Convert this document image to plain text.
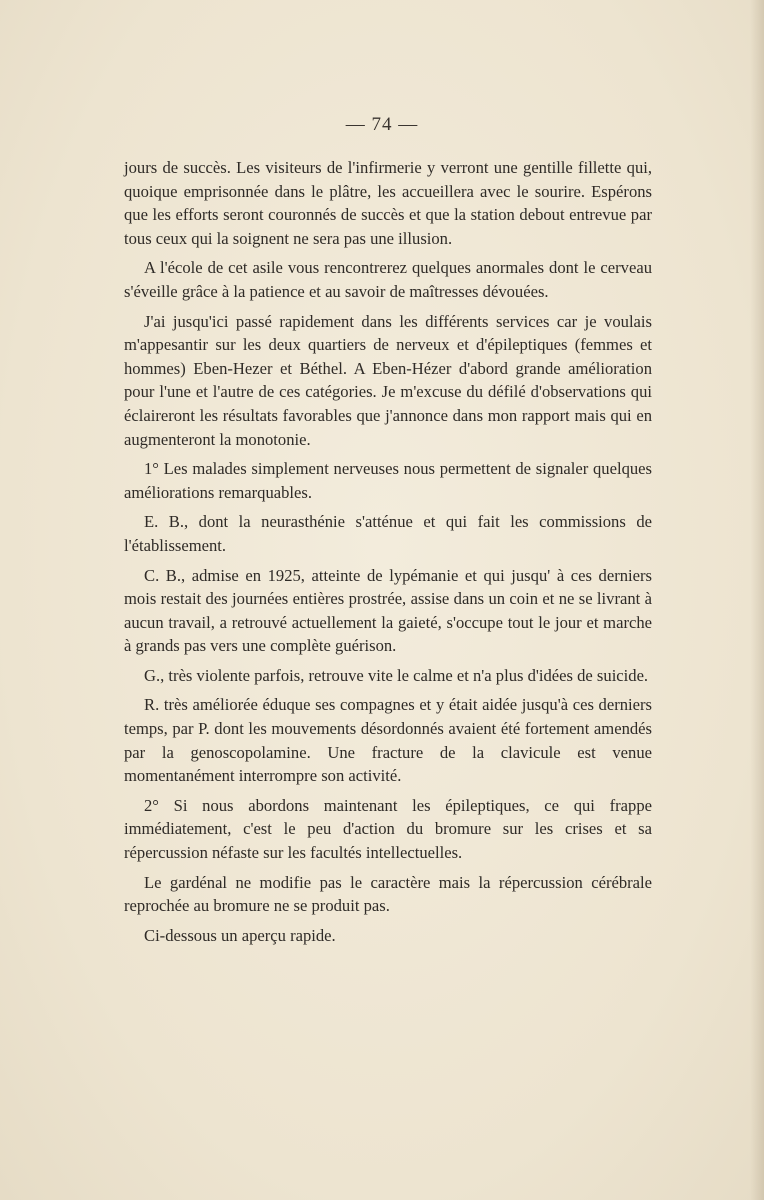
— 74 —

jours de succès. Les visiteurs de l'infirmerie y verront une gentille fillette qui, quoique emprisonnée dans le plâtre, les accueillera avec le sourire. Espérons que les efforts seront couronnés de succès et que la station debout entrevue par tous ceux qui la soignent ne sera pas une illusion.

A l'école de cet asile vous rencontrerez quelques anormales dont le cerveau s'éveille grâce à la patience et au savoir de maîtresses dévouées.

J'ai jusqu'ici passé rapidement dans les différents services car je voulais m'appesantir sur les deux quartiers de nerveux et d'épileptiques (femmes et hommes) Eben-Hezer et Béthel. A Eben-Hézer d'abord grande amélioration pour l'une et l'autre de ces catégories. Je m'excuse du défilé d'observations qui éclaireront les résultats favorables que j'annonce dans mon rapport mais qui en augmenteront la monotonie.

1° Les malades simplement nerveuses nous permettent de signaler quelques améliorations remarquables.

E. B., dont la neurasthénie s'atténue et qui fait les commissions de l'établissement.

C. B., admise en 1925, atteinte de lypémanie et qui jusqu' à ces derniers mois restait des journées entières prostrée, assise dans un coin et ne se livrant à aucun travail, a retrouvé actuellement la gaieté, s'occupe tout le jour et marche à grands pas vers une complète guérison.

G., très violente parfois, retrouve vite le calme et n'a plus d'idées de suicide.

R. très améliorée éduque ses compagnes et y était aidée jusqu'à ces derniers temps, par P. dont les mouvements désordonnés avaient été fortement amendés par la genoscopolamine. Une fracture de la clavicule est venue momentanément interrompre son activité.

2° Si nous abordons maintenant les épileptiques, ce qui frappe immédiatement, c'est le peu d'action du bromure sur les crises et sa répercussion néfaste sur les facultés intellectuelles.

Le gardénal ne modifie pas le caractère mais la répercussion cérébrale reprochée au bromure ne se produit pas.

Ci-dessous un aperçu rapide.
